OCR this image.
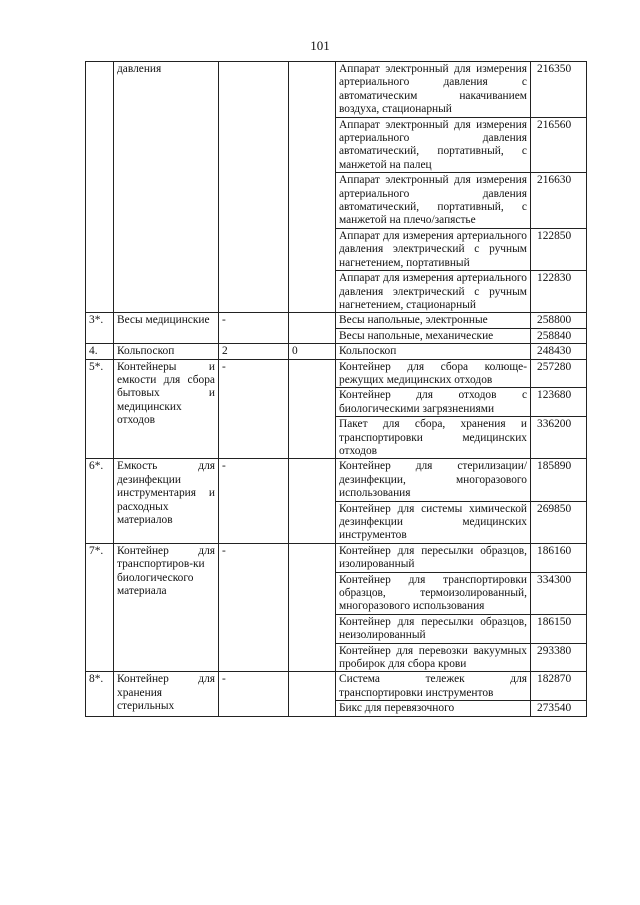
101
	давления			Аппарат электронный для измерения артериального давления с автоматическим накачиванием воздуха, стационарный	216350
				Аппарат электронный для измерения артериального давления автоматический, портативный, с манжетой на палец	216560
				Аппарат электронный для измерения артериального давления автоматический, портативный, с манжетой на плечо/запястье	216630
				Аппарат для измерения артериального давления электрический с ручным нагнетением, портативный	122850
				Аппарат для измерения артериального давления электрический с ручным нагнетением, стационарный	122830
3*.	Весы медицинские	-		Весы напольные, электронные	258800
				Весы напольные, механические	258840
4.	Кольпоскоп	2	0	Кольпоскоп	248430
5*.	Контейнеры и емкости для сбора бытовых и медицинских отходов	-		Контейнер для сбора колюще-режущих медицинских отходов	257280
				Контейнер для отходов с биологическими загрязнениями	123680
				Пакет для сбора, хранения и транспортировки медицинских отходов	336200
6*.	Емкость для дезинфекции инструментария и расходных материалов	-		Контейнер для стерилизации/дезинфекции, многоразового использования	185890
				Контейнер для системы химической дезинфекции медицинских инструментов	269850
7*.	Контейнер для транспортиров-ки биологического материала	-		Контейнер для пересылки образцов, изолированный	186160
				Контейнер для транспортировки образцов, термоизолированный, многоразового использования	334300
				Контейнер для пересылки образцов, неизолированный	186150
				Контейнер для перевозки вакуумных пробирок для сбора крови	293380
8*.	Контейнер для хранения стерильных	-		Система тележек для транспортировки инструментов	182870
				Бикс для перевязочного	273540
